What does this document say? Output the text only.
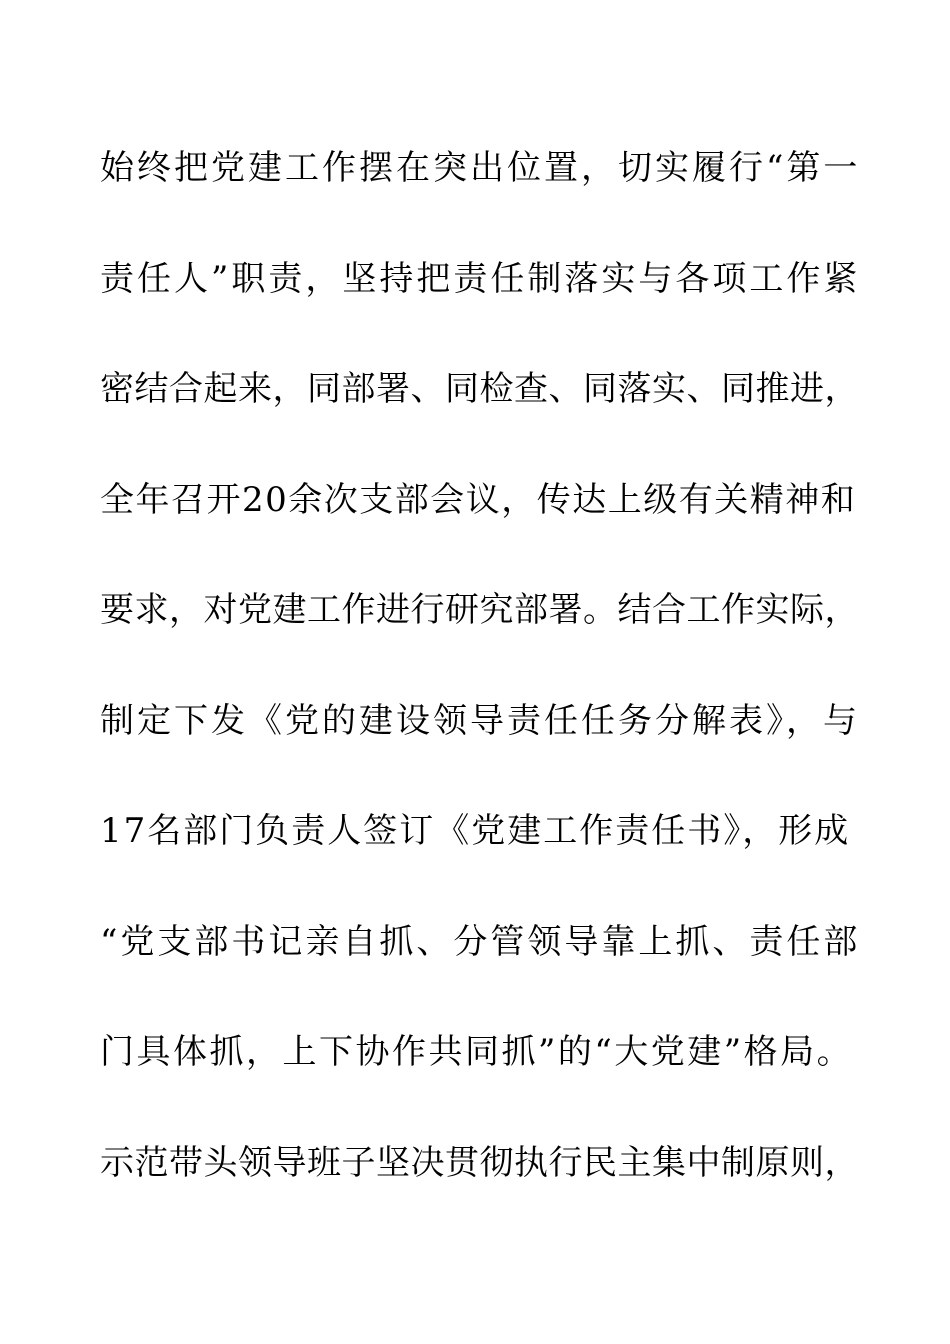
始终把党建工作摆在突出位置，切实履行“第一
责任人”职责，坚持把责任制落实与各项工作紧
密结合起来，同部署、同检查、同落实、同推进，
全年召开20余次支部会议，传达上级有关精神和
要求，对党建工作进行研究部署。结合工作实际，
制定下发《党的建设领导责任任务分解表》，与
17名部门负责人签订《党建工作责任书》，形成
“党支部书记亲自抓、分管领导靠上抓、责任部
门具体抓，上下协作共同抓”的“大党建”格局。
示范带头领导班子坚决贯彻执行民主集中制原则，
